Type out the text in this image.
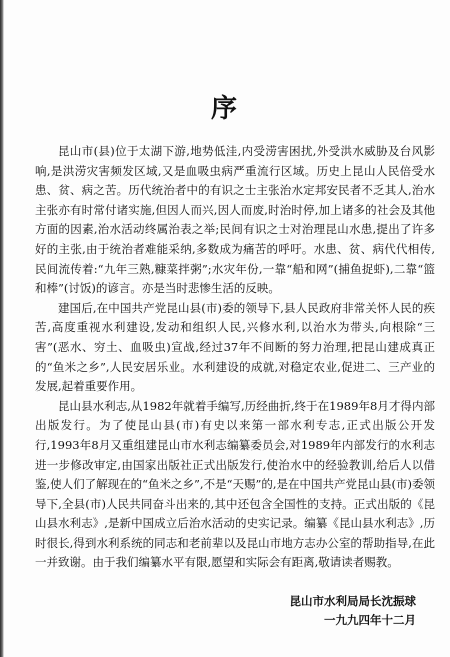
序

昆山市(县)位于太湖下游,地势低洼,内受涝害困扰,外受洪水威胁及台风影响,是洪涝灾害频发区域,又是血吸虫病严重流行区域。历史上昆山人民倍受水患、贫、病之苦。历代统治者中的有识之士主张治水定邦安民者不乏其人,治水主张亦有时常付诸实施,但因人而兴,因人而废,时治时停,加上诸多的社会及其他方面的因素,治水活动终属治表之举;民间有识之士对治理昆山水患,提出了许多好的主张,由于统治者难能采纳,多数成为痛苦的呼吁。水患、贫、病代代相传,民间流传着:“九年三熟,糠菜拌粥”;水灾年份,一靠“船和网”(捕鱼捉虾),二靠“篮和棒”(讨饭)的谚言。亦是当时悲惨生活的反映。

建国后,在中国共产党昆山县(市)委的领导下,县人民政府非常关怀人民的疾苦,高度重视水利建设,发动和组织人民,兴修水利,以治水为带头,向根除“三害”(恶水、穷土、血吸虫)宣战,经过37年不间断的努力治理,把昆山建成真正的“鱼米之乡”,人民安居乐业。水利建设的成就,对稳定农业,促进二、三产业的发展,起着重要作用。

昆山县水利志,从1982年就着手编写,历经曲折,终于在1989年8月才得内部出版发行。为了使昆山县(市)有史以来第一部水利专志,正式出版公开发行,1993年8月又重组建昆山市水利志编纂委员会,对1989年内部发行的水利志进一步修改审定,由国家出版社正式出版发行,使治水中的经验教训,给后人以借鉴,使人们了解现在的“鱼米之乡”,不是“天赐”的,是在中国共产党昆山县(市)委领导下,全县(市)人民共同奋斗出来的,其中还包含全国性的支持。正式出版的《昆山县水利志》,是新中国成立后治水活动的史实记录。编纂《昆山县水利志》,历时很长,得到水利系统的同志和老前辈以及昆山市地方志办公室的帮助指导,在此一并致谢。由于我们编纂水平有限,愿望和实际会有距离,敬请读者赐教。

昆山市水利局局长沈振球
一九九四年十二月
